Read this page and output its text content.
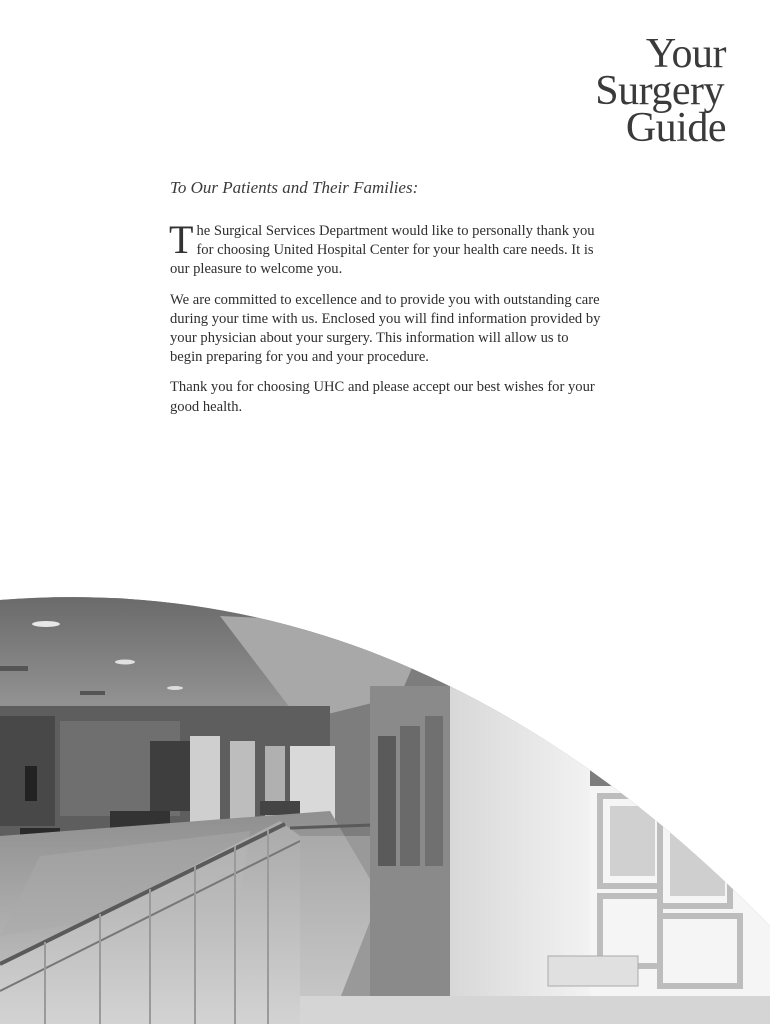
Your
Surgery
Guide
To Our Patients and Their Families:

The Surgical Services Department would like to personally thank you for choosing United Hospital Center for your health care needs. It is our pleasure to welcome you.

We are committed to excellence and to provide you with outstanding care during your time with us. Enclosed you will find information provided by your physician about your surgery. This information will allow us to begin preparing for you and your procedure.

Thank you for choosing UHC and please accept our best wishes for your good health.
